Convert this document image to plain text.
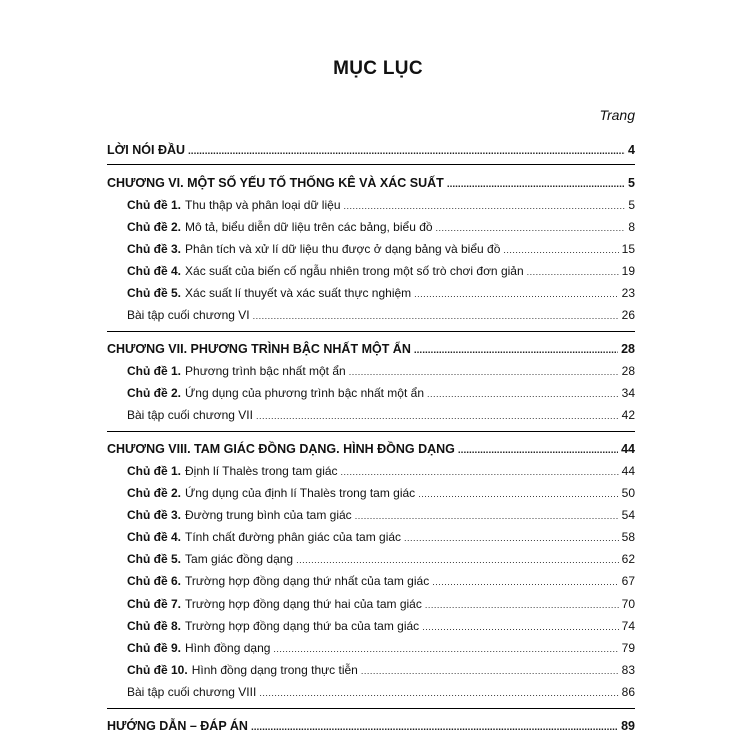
MỤC LỤC
Trang
LỜI NÓI ĐẦU .....	4
CHƯƠNG VI. MỘT SỐ YẾU TỐ THỐNG KÊ VÀ XÁC SUẤT .....	5
Chủ đề 1. Thu thập và phân loại dữ liệu .....	5
Chủ đề 2. Mô tả, biểu diễn dữ liệu trên các bảng, biểu đồ .....	8
Chủ đề 3. Phân tích và xử lí dữ liệu thu được ở dạng bảng và biểu đồ .....	15
Chủ đề 4. Xác suất của biến cố ngẫu nhiên trong một số trò chơi đơn giản .....	19
Chủ đề 5. Xác suất lí thuyết và xác suất thực nghiệm .....	23
Bài tập cuối chương VI .....	26
CHƯƠNG VII. PHƯƠNG TRÌNH BẬC NHẤT MỘT ẨN .....	28
Chủ đề 1. Phương trình bậc nhất một ẩn .....	28
Chủ đề 2. Ứng dụng của phương trình bậc nhất một ẩn .....	34
Bài tập cuối chương VII .....	42
CHƯƠNG VIII. TAM GIÁC ĐỒNG DẠNG. HÌNH ĐỒNG DẠNG .....	44
Chủ đề 1. Định lí Thalès trong tam giác .....	44
Chủ đề 2. Ứng dụng của định lí Thalès trong tam giác .....	50
Chủ đề 3. Đường trung bình của tam giác .....	54
Chủ đề 4. Tính chất đường phân giác của tam giác .....	58
Chủ đề 5. Tam giác đồng dạng .....	62
Chủ đề 6. Trường hợp đồng dạng thứ nhất của tam giác .....	67
Chủ đề 7. Trường hợp đồng dạng thứ hai của tam giác .....	70
Chủ đề 8. Trường hợp đồng dạng thứ ba của tam giác .....	74
Chủ đề 9. Hình đồng dạng .....	79
Chủ đề 10. Hình đồng dạng trong thực tiễn .....	83
Bài tập cuối chương VIII .....	86
HƯỚNG DẪN – ĐÁP ÁN .....	89
